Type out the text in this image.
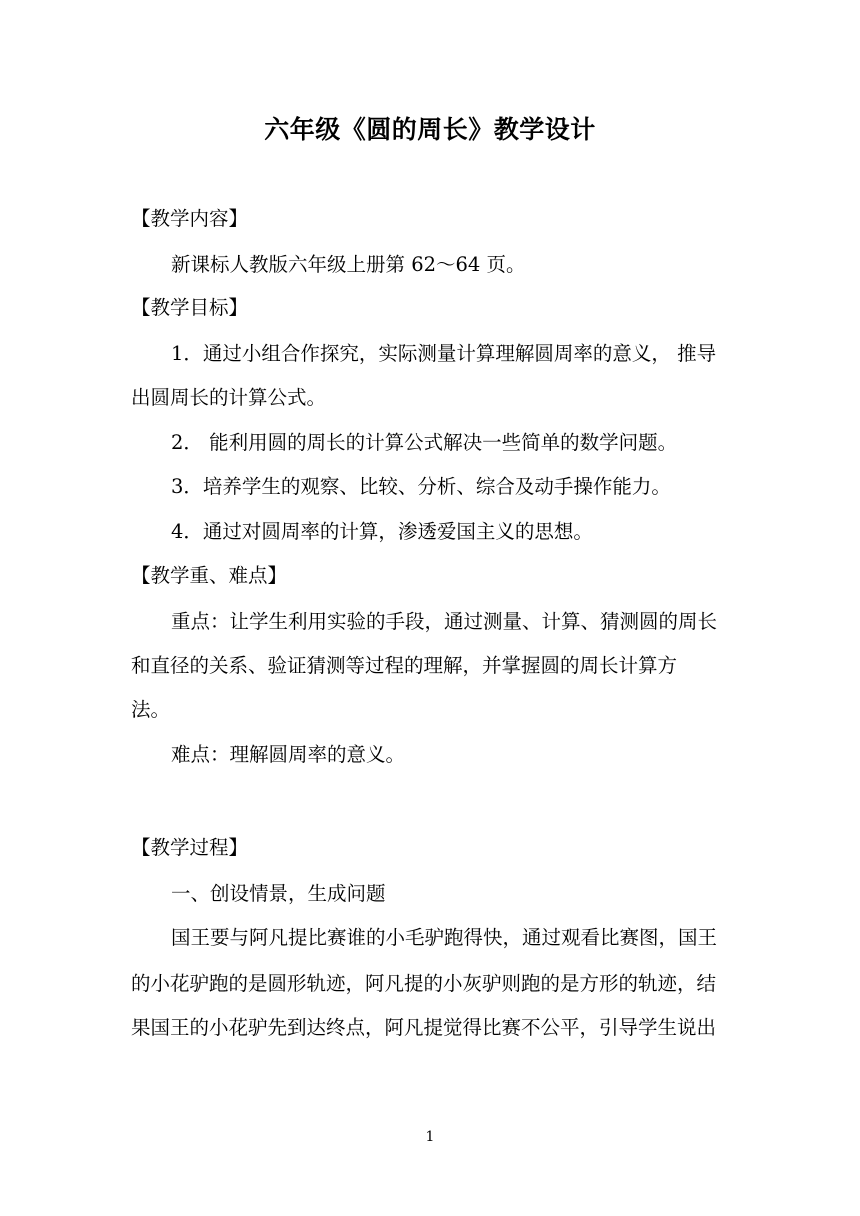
六年级《圆的周长》教学设计

【教学内容】

新课标人教版六年级上册第 62～64 页。

【教学目标】

1．通过小组合作探究，实际测量计算理解圆周率的意义， 推导

出圆周长的计算公式。

2． 能利用圆的周长的计算公式解决一些简单的数学问题。

3．培养学生的观察、比较、分析、综合及动手操作能力。

4．通过对圆周率的计算，渗透爱国主义的思想。

【教学重、难点】

重点：让学生利用实验的手段，通过测量、计算、猜测圆的周长

和直径的关系、验证猜测等过程的理解，并掌握圆的周长计算方

法。

难点：理解圆周率的意义。

【教学过程】

一、创设情景，生成问题

国王要与阿凡提比赛谁的小毛驴跑得快，通过观看比赛图，国王

的小花驴跑的是圆形轨迹，阿凡提的小灰驴则跑的是方形的轨迹，结

果国王的小花驴先到达终点，阿凡提觉得比赛不公平，引导学生说出

1
